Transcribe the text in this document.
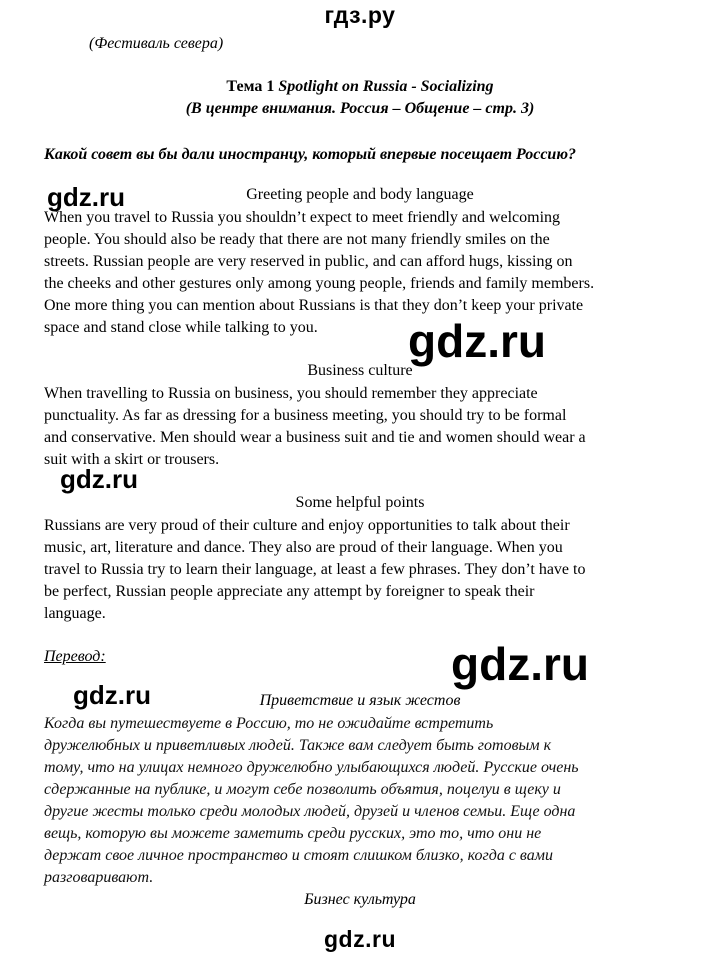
гдз.ру
(Фестиваль севера)
Тема 1 Spotlight on Russia - Socializing
(В центре внимания. Россия – Общение – стр. 3)
Какой совет вы бы дали иностранцу, который впервые посещает Россию?
Greeting people and body language
When you travel to Russia you shouldn’t expect to meet friendly and welcoming
people. You should also be ready that there are not many friendly smiles on the
streets. Russian people are very reserved in public, and can afford hugs, kissing on
the cheeks and other gestures only among young people, friends and family members.
One more thing you can mention about Russians is that they don’t keep your private
space and stand close while talking to you.
Business culture
When travelling to Russia on business, you should remember they appreciate
punctuality. As far as dressing for a business meeting, you should try to be formal
and conservative. Men should wear a business suit and tie and women should wear a
suit with a skirt or trousers.
Some helpful points
Russians are very proud of their culture and enjoy opportunities to talk about their
music, art, literature and dance. They also are proud of their language. When you
travel to Russia try to learn their language, at least a few phrases. They don’t have to
be perfect, Russian people appreciate any attempt by foreigner to speak their
language.
Перевод:
Приветствие и язык жестов
Когда вы путешествуете в Россию, то не ожидайте встретить
дружелюбных и приветливых людей. Также вам следует быть готовым к
тому, что на улицах немного дружелюбно улыбающихся людей. Русские очень
сдержанные на публике, и могут себе позволить объятия, поцелуи в щеку и
другие жесты только среди молодых людей, друзей и членов семьи. Еще одна
вещь, которую вы можете заметить среди русских, это то, что они не
держат свое личное пространство и стоят слишком близко, когда с вами
разговаривают.
Бизнес культура
gdz.ru
gdz.ru
gdz.ru
gdz.ru
gdz.ru
gdz.ru
